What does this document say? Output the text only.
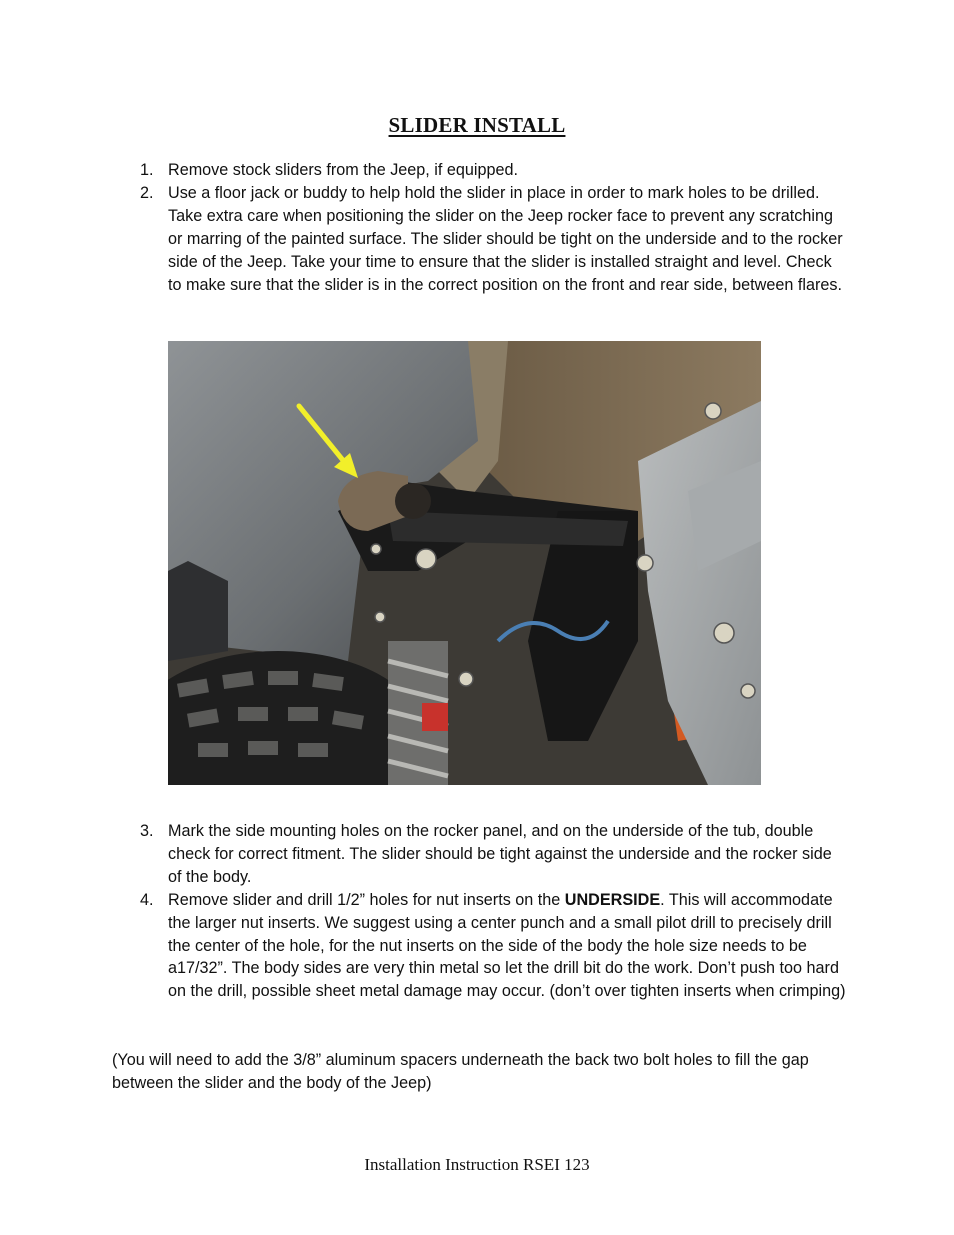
SLIDER INSTALL

1. Remove stock sliders from the Jeep, if equipped.

2. Use a floor jack or buddy to help hold the slider in place in order to mark holes to be drilled. Take extra care when positioning the slider on the Jeep rocker face to prevent any scratching or marring of the painted surface. The slider should be tight on the underside and to the rocker side of the Jeep. Take your time to ensure that the slider is installed straight and level. Check to make sure that the slider is in the correct position on the front and rear side, between flares.

3. Mark the side mounting holes on the rocker panel, and on the underside of the tub, double check for correct fitment. The slider should be tight against the underside and the rocker side of the body.

4. Remove slider and drill 1/2” holes for nut inserts on the UNDERSIDE. This will accommodate the larger nut inserts. We suggest using a center punch and a small pilot drill to precisely drill the center of the hole, for the nut inserts on the side of the body the hole size needs to be a17/32”. The body sides are very thin metal so let the drill bit do the work. Don’t push too hard on the drill, possible sheet metal damage may occur. (don’t over tighten inserts when crimping)

(You will need to add the 3/8” aluminum spacers underneath the back two bolt holes to fill the gap between the slider and the body of the Jeep)
Installation Instruction RSEI 123
